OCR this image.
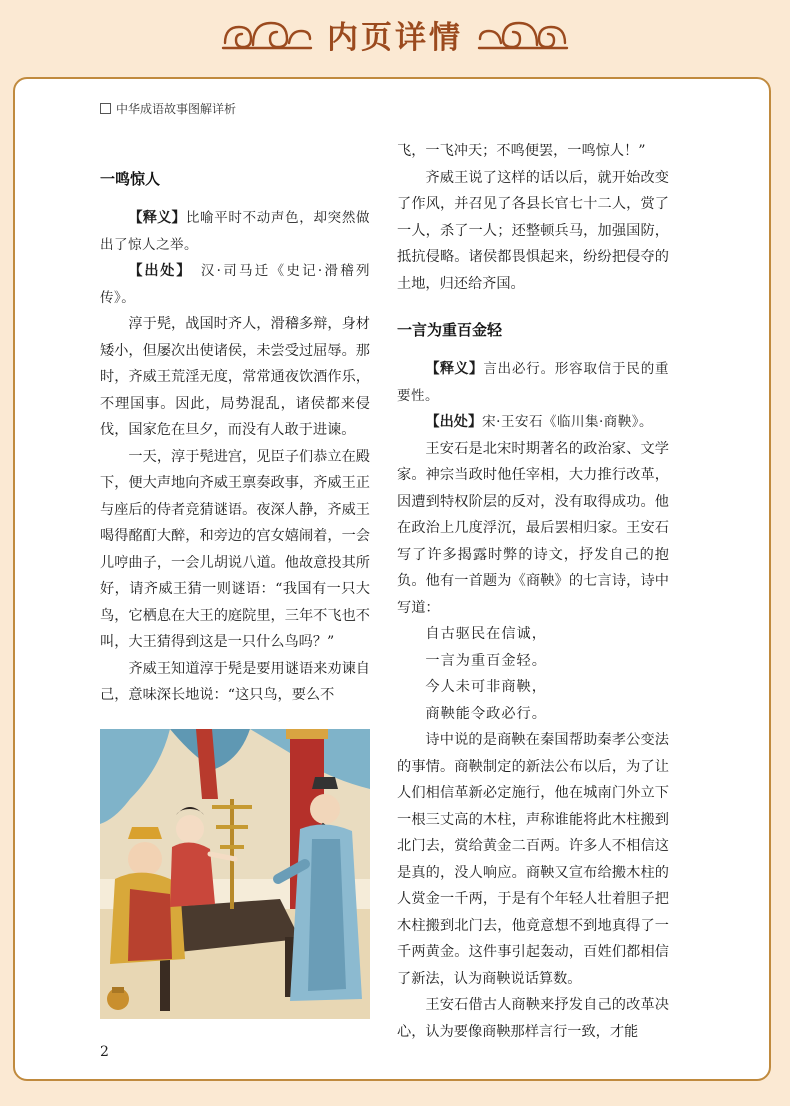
内页详情
中华成语故事图解详析
一鸣惊人

【释义】比喻平时不动声色，却突然做出了惊人之举。

【出处】　汉·司马迁《史记·滑稽列传》。

淳于髡，战国时齐人，滑稽多辩，身材矮小，但屡次出使诸侯，未尝受过屈辱。那时，齐威王荒淫无度，常常通夜饮酒作乐，不理国事。因此，局势混乱，诸侯都来侵伐，国家危在旦夕，而没有人敢于进谏。

一天，淳于髡进宫，见臣子们恭立在殿下，便大声地向齐威王禀奏政事，齐威王正与座后的侍者竞猜谜语。夜深人静，齐威王喝得酩酊大醉，和旁边的宫女嬉闹着，一会儿哼曲子，一会儿胡说八道。他故意投其所好，请齐威王猜一则谜语：“我国有一只大鸟，它栖息在大王的庭院里，三年不飞也不叫，大王猜得到这是一只什么鸟吗？”

齐威王知道淳于髡是要用谜语来劝谏自己，意味深长地说：“这只鸟，要么不

飞，一飞冲天；不鸣便罢，一鸣惊人！”

齐威王说了这样的话以后，就开始改变了作风，并召见了各县长官七十二人，赏了一人，杀了一人；还整顿兵马，加强国防，抵抗侵略。诸侯都畏惧起来，纷纷把侵夺的土地，归还给齐国。

一言为重百金轻

【释义】言出必行。形容取信于民的重要性。

【出处】宋·王安石《临川集·商鞅》。

王安石是北宋时期著名的政治家、文学家。神宗当政时他任宰相，大力推行改革，因遭到特权阶层的反对，没有取得成功。他在政治上几度浮沉，最后罢相归家。王安石写了许多揭露时弊的诗文，抒发自己的抱负。他有一首题为《商鞅》的七言诗，诗中写道：

自古驱民在信诚，

一言为重百金轻。

今人未可非商鞅，

商鞅能令政必行。

诗中说的是商鞅在秦国帮助秦孝公变法的事情。商鞅制定的新法公布以后，为了让人们相信革新必定施行，他在城南门外立下一根三丈高的木柱，声称谁能将此木柱搬到北门去，赏给黄金二百两。许多人不相信这是真的，没人响应。商鞅又宣布给搬木柱的人赏金一千两，于是有个年轻人壮着胆子把木柱搬到北门去，他竟意想不到地真得了一千两黄金。这件事引起轰动，百姓们都相信了新法，认为商鞅说话算数。

王安石借古人商鞅来抒发自己的改革决心，认为要像商鞅那样言行一致，才能

2
